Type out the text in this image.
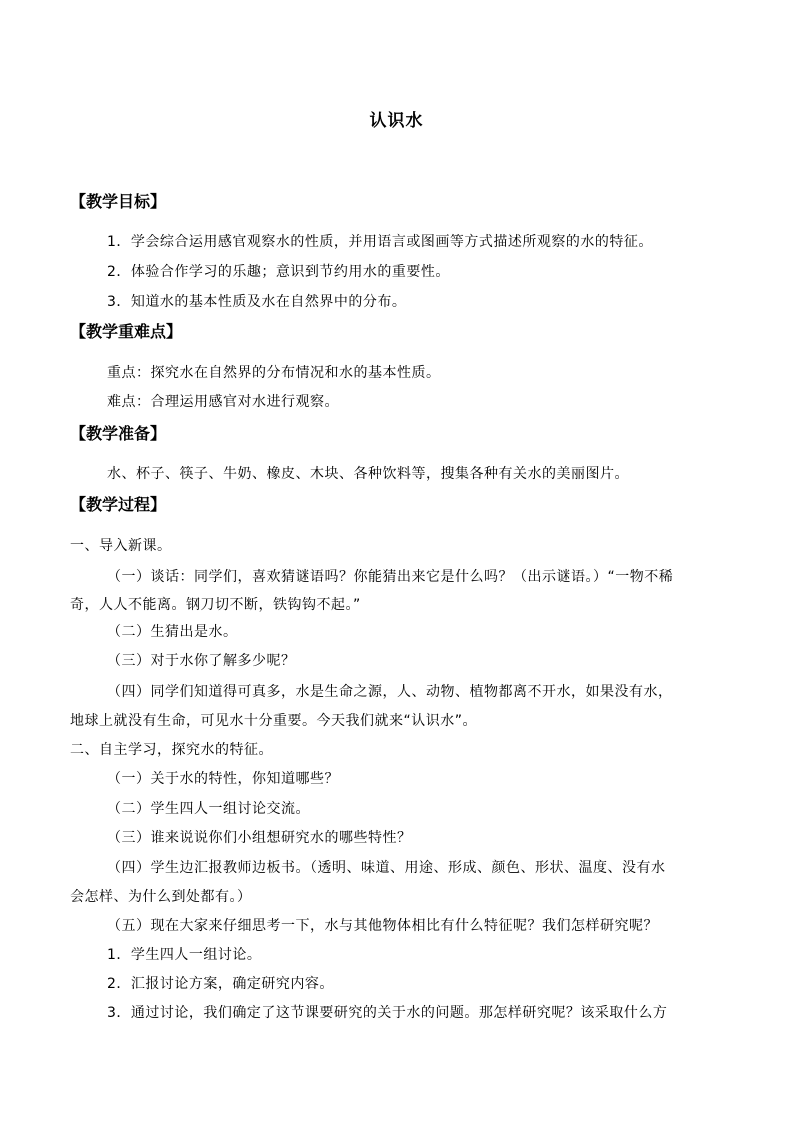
认识水
【教学目标】
1．学会综合运用感官观察水的性质，并用语言或图画等方式描述所观察的水的特征。
2．体验合作学习的乐趣；意识到节约用水的重要性。
3．知道水的基本性质及水在自然界中的分布。
【教学重难点】
重点：探究水在自然界的分布情况和水的基本性质。
难点：合理运用感官对水进行观察。
【教学准备】
水、杯子、筷子、牛奶、橡皮、木块、各种饮料等，搜集各种有关水的美丽图片。
【教学过程】
一、导入新课。
（一）谈话：同学们，喜欢猜谜语吗？你能猜出来它是什么吗？（出示谜语。）“一物不稀
奇，人人不能离。钢刀切不断，铁钩钩不起。”
（二）生猜出是水。
（三）对于水你了解多少呢？
（四）同学们知道得可真多，水是生命之源，人、动物、植物都离不开水，如果没有水，
地球上就没有生命，可见水十分重要。今天我们就来“认识水”。
二、自主学习，探究水的特征。
（一）关于水的特性，你知道哪些？
（二）学生四人一组讨论交流。
（三）谁来说说你们小组想研究水的哪些特性？
（四）学生边汇报教师边板书。（透明、味道、用途、形成、颜色、形状、温度、没有水
会怎样、为什么到处都有。）
（五）现在大家来仔细思考一下，水与其他物体相比有什么特征呢？我们怎样研究呢？
1．学生四人一组讨论。
2．汇报讨论方案，确定研究内容。
3．通过讨论，我们确定了这节课要研究的关于水的问题。那怎样研究呢？该采取什么方
